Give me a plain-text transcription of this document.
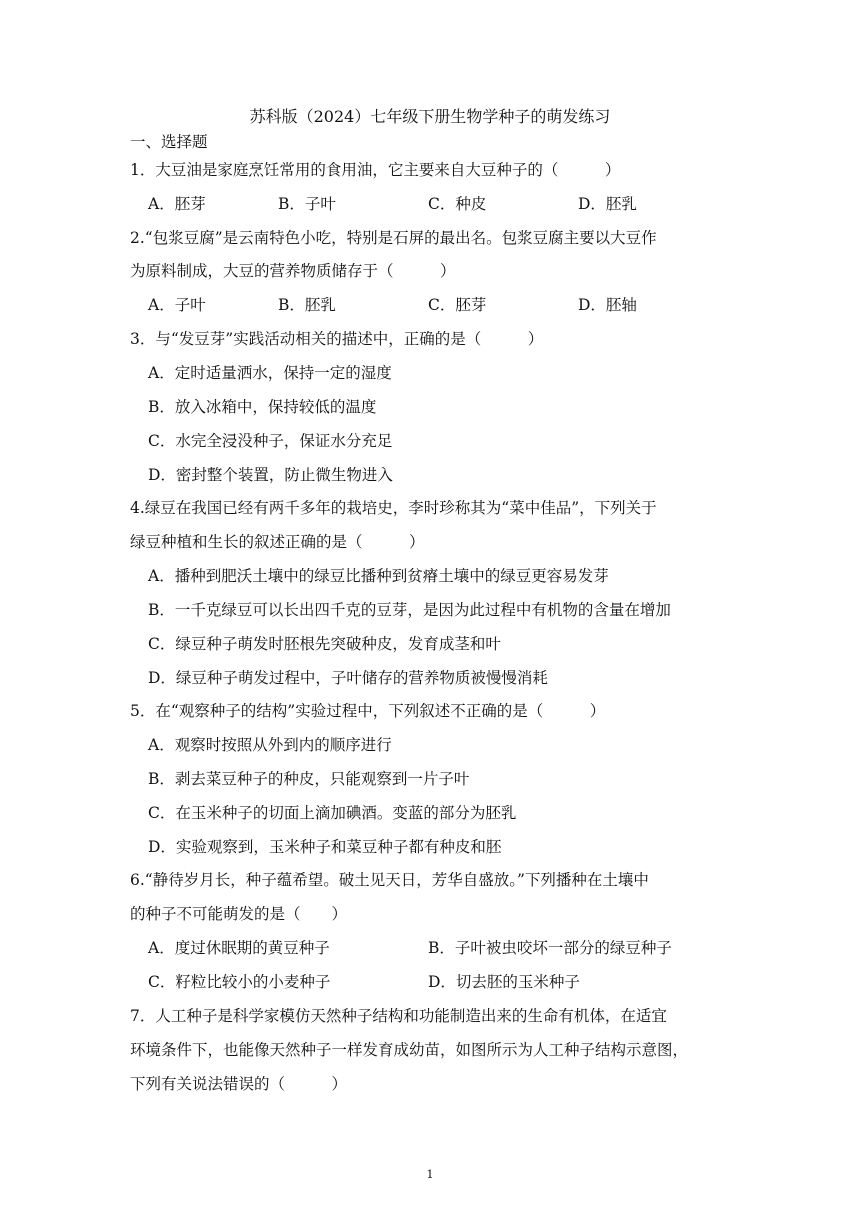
苏科版（2024）七年级下册生物学种子的萌发练习
一、选择题
1．大豆油是家庭烹饪常用的食用油，它主要来自大豆种子的（　　　）
A．胚芽	B．子叶	C．种皮	D．胚乳
2.“包浆豆腐”是云南特色小吃，特别是石屏的最出名。包浆豆腐主要以大豆作
为原料制成，大豆的营养物质储存于（　　　）
A．子叶	B．胚乳	C．胚芽	D．胚轴
3．与“发豆芽”实践活动相关的描述中，正确的是（　　　）
A．定时适量洒水，保持一定的湿度
B．放入冰箱中，保持较低的温度
C．水完全浸没种子，保证水分充足
D．密封整个装置，防止微生物进入
4.绿豆在我国已经有两千多年的栽培史，李时珍称其为“菜中佳品”，下列关于
绿豆种植和生长的叙述正确的是（　　　）
A．播种到肥沃土壤中的绿豆比播种到贫瘠土壤中的绿豆更容易发芽
B．一千克绿豆可以长出四千克的豆芽，是因为此过程中有机物的含量在增加
C．绿豆种子萌发时胚根先突破种皮，发育成茎和叶
D．绿豆种子萌发过程中，子叶储存的营养物质被慢慢消耗
5．在“观察种子的结构”实验过程中，下列叙述不正确的是（　　　）
A．观察时按照从外到内的顺序进行
B．剥去菜豆种子的种皮，只能观察到一片子叶
C．在玉米种子的切面上滴加碘酒。变蓝的部分为胚乳
D．实验观察到，玉米种子和菜豆种子都有种皮和胚
6.“静待岁月长，种子蕴希望。破土见天日，芳华自盛放。”下列播种在土壤中
的种子不可能萌发的是（　　）
A．度过休眠期的黄豆种子	B．子叶被虫咬坏一部分的绿豆种子
C．籽粒比较小的小麦种子	D．切去胚的玉米种子
7．人工种子是科学家模仿天然种子结构和功能制造出来的生命有机体，在适宜
环境条件下，也能像天然种子一样发育成幼苗，如图所示为人工种子结构示意图，
下列有关说法错误的（　　　）
1
